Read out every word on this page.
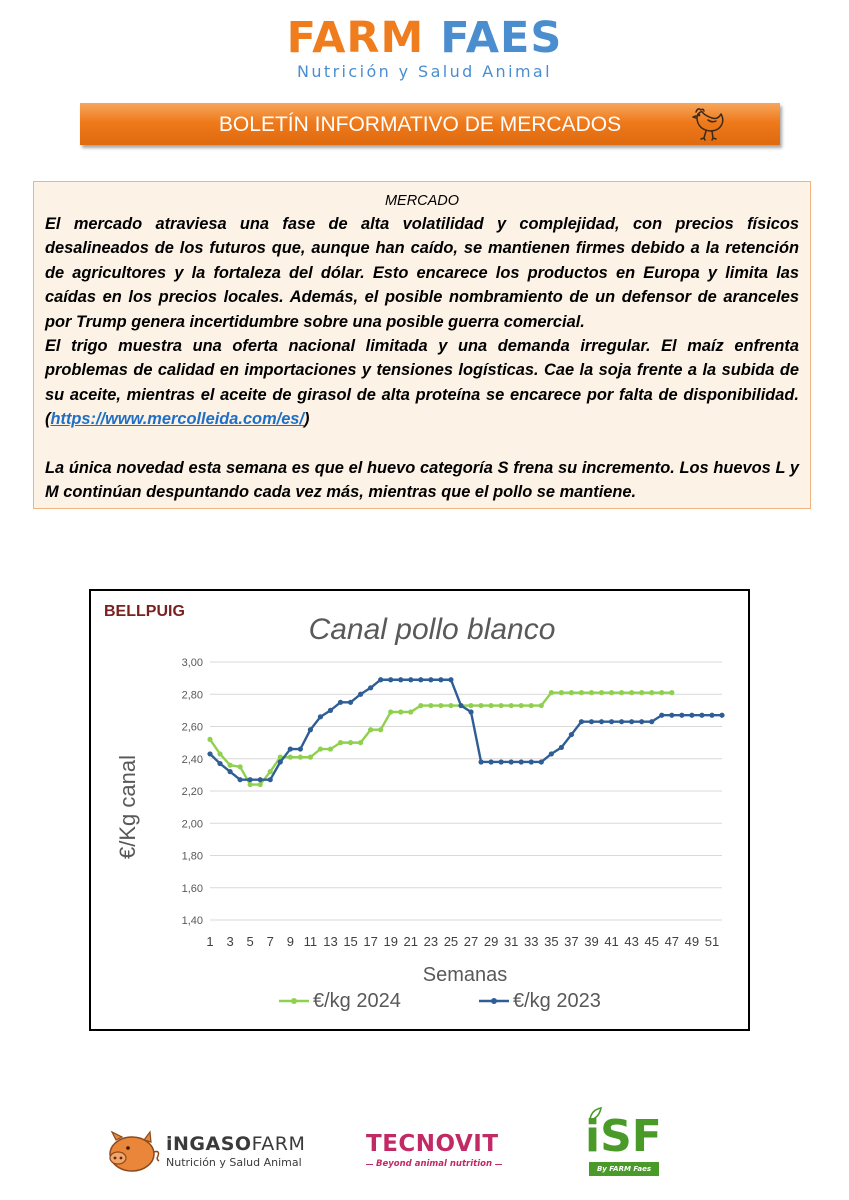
FARM FAES
Nutrición y Salud Animal
BOLETÍN INFORMATIVO DE MERCADOS
MERCADO

El mercado atraviesa una fase de alta volatilidad y complejidad, con precios físicos desalineados de los futuros que, aunque han caído, se mantienen firmes debido a la retención de agricultores y la fortaleza del dólar. Esto encarece los productos en Europa y limita las caídas en los precios locales. Además, el posible nombramiento de un defensor de aranceles por Trump genera incertidumbre sobre una posible guerra comercial.

El trigo muestra una oferta nacional limitada y una demanda irregular. El maíz enfrenta problemas de calidad en importaciones y tensiones logísticas. Cae la soja frente a la subida de su aceite, mientras el aceite de girasol de alta proteína se encarece por falta de disponibilidad. (https://www.mercolleida.com/es/)

La única novedad esta semana es que el huevo categoría S frena su incremento. Los huevos L y M continúan despuntando cada vez más, mientras que el pollo se mantiene.

BELLPUIG
Canal pollo blanco
€/Kg canal
Semanas
3,00
2,80
2,60
2,40
2,20
2,00
1,80
1,60
1,40
1 3 5 7 9 11 13 15 17 19 21 23 25 27 29 31 33 35 37 39 41 43 45 47 49 51
€/kg 2024	€/kg 2023
iNGASOFARM
Nutrición y Salud Animal
TECNOVIT
Beyond animal nutrition
iSF
By FARM Faes
